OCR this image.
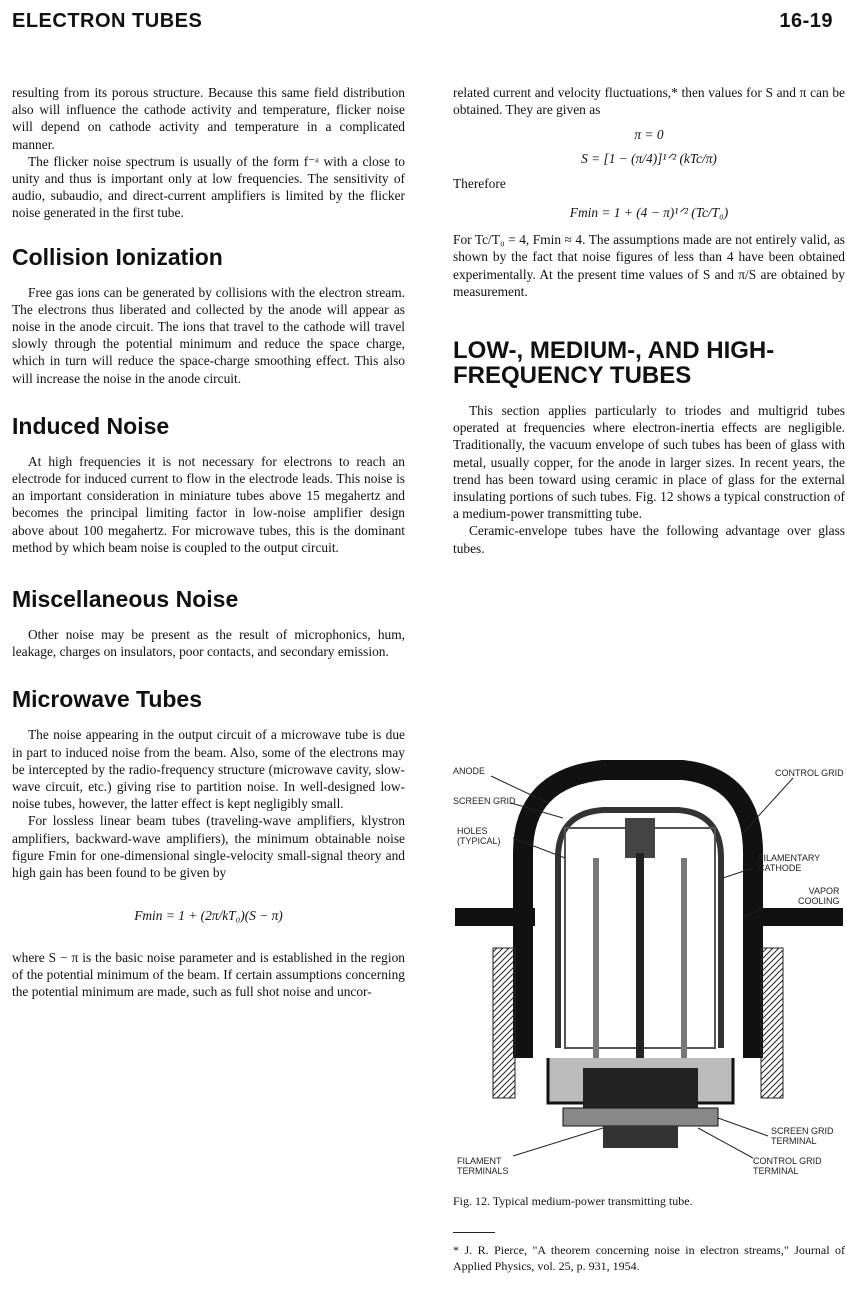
ELECTRON TUBES	16-19

resulting from its porous structure. Because this same field distribution also will influence the cathode activity and temperature, flicker noise will depend on cathode activity and temperature in a complicated manner.

The flicker noise spectrum is usually of the form f⁻ᵃ with a close to unity and thus is important only at low frequencies. The sensitivity of audio, subaudio, and direct-current amplifiers is limited by the flicker noise generated in the first tube.

Collision Ionization

Free gas ions can be generated by collisions with the electron stream. The electrons thus liberated and collected by the anode will appear as noise in the anode circuit. The ions that travel to the cathode will travel slowly through the potential minimum and reduce the space charge, which in turn will reduce the space-charge smoothing effect. This also will increase the noise in the anode circuit.

Induced Noise

At high frequencies it is not necessary for electrons to reach an electrode for induced current to flow in the electrode leads. This noise is an important consideration in miniature tubes above 15 megahertz and becomes the principal limiting factor in low-noise amplifier design above about 100 megahertz. For microwave tubes, this is the dominant method by which beam noise is coupled to the output circuit.

Miscellaneous Noise

Other noise may be present as the result of microphonics, hum, leakage, charges on insulators, poor contacts, and secondary emission.

Microwave Tubes

The noise appearing in the output circuit of a microwave tube is due in part to induced noise from the beam. Also, some of the electrons may be intercepted by the radio-frequency structure (microwave cavity, slow-wave circuit, etc.) giving rise to partition noise. In well-designed low-noise tubes, however, the latter effect is kept negligibly small.

For lossless linear beam tubes (traveling-wave amplifiers, klystron amplifiers, backward-wave amplifiers), the minimum obtainable noise figure Fmin for one-dimensional single-velocity small-signal theory and high gain has been found to be given by

Fmin = 1 + (2π/kT₀)(S − π)

where S − π is the basic noise parameter and is established in the region of the potential minimum of the beam. If certain assumptions concerning the potential minimum are made, such as full shot noise and uncor-

related current and velocity fluctuations,* then values for S and π can be obtained. They are given as

π = 0
S = [1 − (π/4)]¹ᐟ² (kTc/π)

Therefore

Fmin = 1 + (4 − π)¹ᐟ² (Tc/T₀)

For Tc/T₀ = 4, Fmin ≈ 4. The assumptions made are not entirely valid, as shown by the fact that noise figures of less than 4 have been obtained experimentally. At the present time values of S and π/S are obtained by measurement.

LOW-, MEDIUM-, AND HIGH-FREQUENCY TUBES

This section applies particularly to triodes and multigrid tubes operated at frequencies where electron-inertia effects are negligible. Traditionally, the vacuum envelope of such tubes has been of glass with metal, usually copper, for the anode in larger sizes. In recent years, the trend has been toward using ceramic in place of glass for the external insulating portions of such tubes. Fig. 12 shows a typical construction of a medium-power transmitting tube.

Ceramic-envelope tubes have the following advantage over glass tubes.

ANODE
SCREEN GRID
HOLES
(TYPICAL)
CONTROL GRID
FILAMENTARY
CATHODE
VAPOR
COOLING
SCREEN GRID
TERMINAL
CONTROL GRID
TERMINAL
FILAMENT
TERMINALS
Fig. 12. Typical medium-power transmitting tube.
* J. R. Pierce, "A theorem concerning noise in electron streams," Journal of Applied Physics, vol. 25, p. 931, 1954.
